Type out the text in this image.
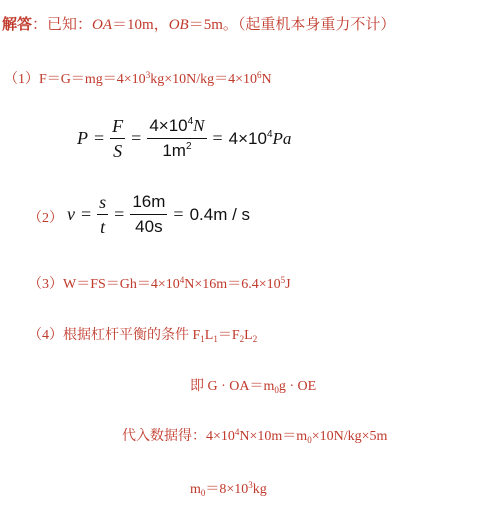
解答：已知：OA＝10m，OB＝5m。（起重机本身重力不计）
$(1)F=G=mg=4\times 10^3kg\times 10N/kg=4\times 10^6N$
$P = \frac{F}{S} = \frac{4\times 10^4N}{1m^2} = 4\times 10^4Pa$
（2） $v = \frac{s}{t} = \frac{16m}{40s} = 0.4m / s$
$(3)W=FS=Gh=4\times 10^4N\times 16m=6.4\times 10^5J$
（4）根据杠杆平衡的条件 $F_1L_1=F_2L_2$
即 $G \cdot OA=m_0g$ · OE
代入数据得：$4\times 10^4N\times 10m=m_0\times 10N/kg\times 5m$
$m_0=8\times 10^3kg$
